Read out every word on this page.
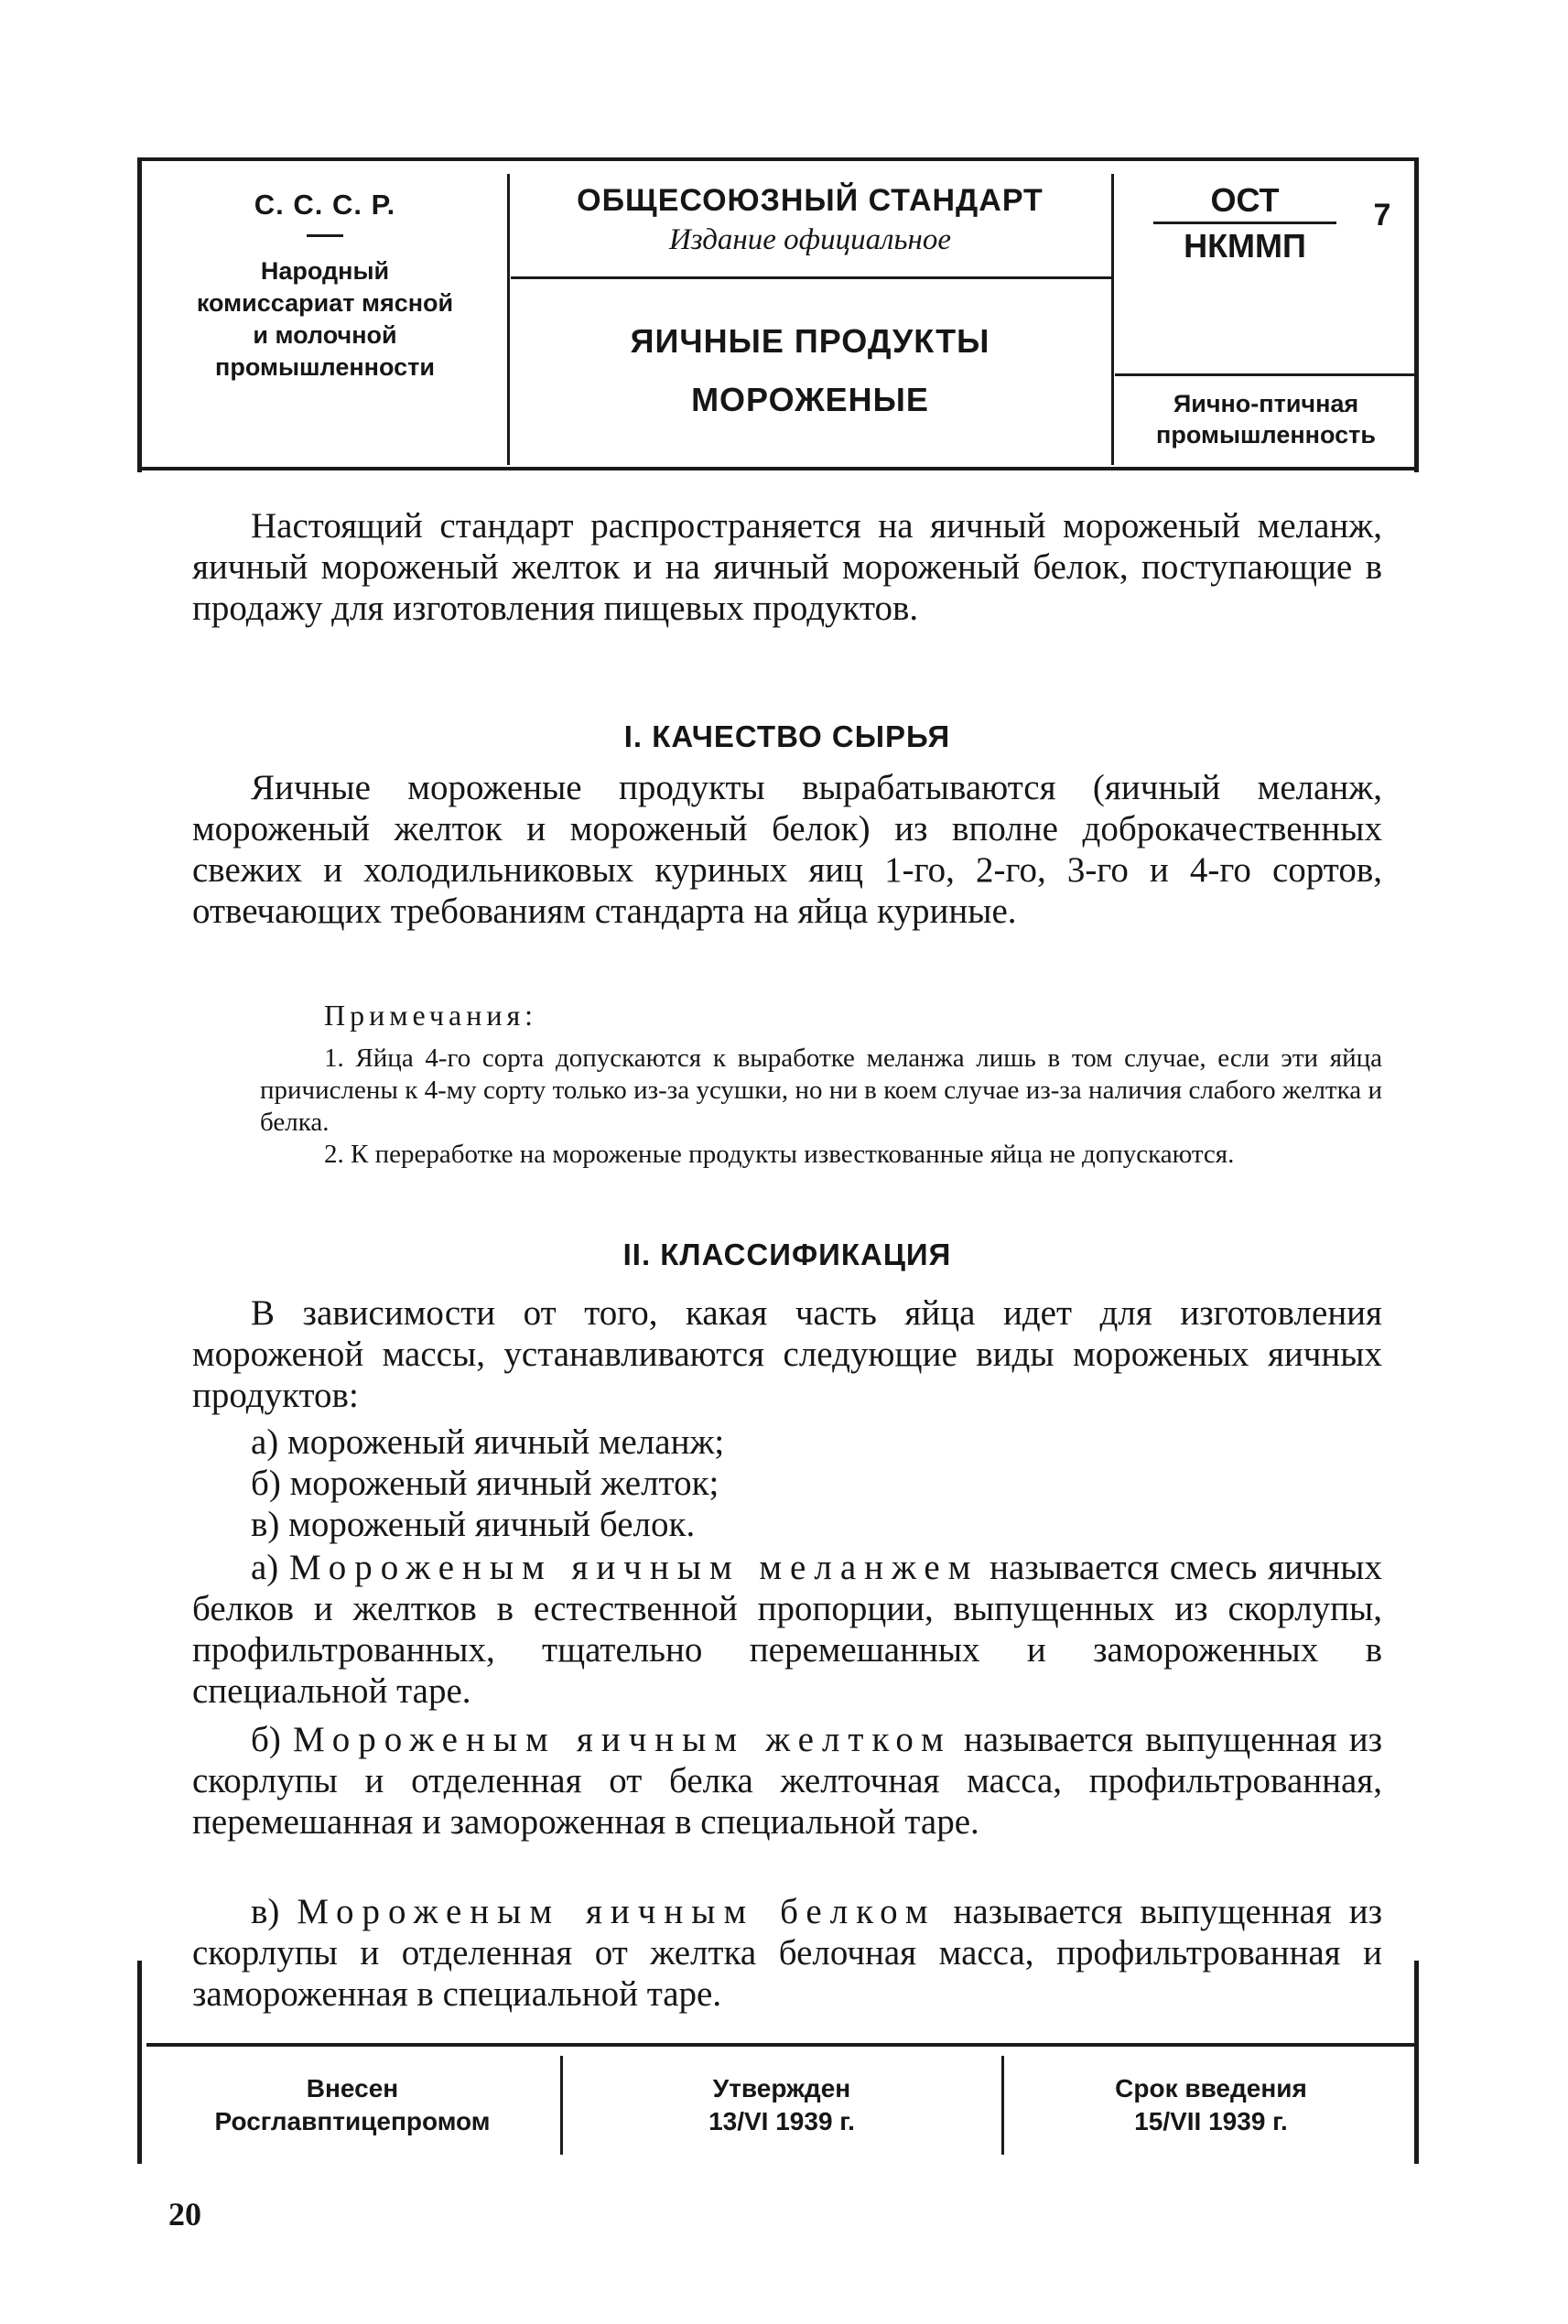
С. С. С. Р.
Народный
комиссариат мясной
и молочной
промышленности
ОБЩЕСОЮЗНЫЙ СТАНДАРТ
Издание официальное
ЯИЧНЫЕ ПРОДУКТЫ
МОРОЖЕНЫЕ
ОСТ
НКММП
7
Яично-птичная
промышленность

Настоящий стандарт распространяется на яичный мороженый меланж, яичный мороженый желток и на яичный мороженый белок, поступающие в продажу для изготовления пищевых продуктов.

I. КАЧЕСТВО СЫРЬЯ

Яичные мороженые продукты вырабатываются (яичный меланж, мороженый желток и мороженый белок) из вполне доброкачественных свежих и холодильниковых куриных яиц 1-го, 2-го, 3-го и 4-го сортов, отвечающих требованиям стандарта на яйца куриные.

Примечания:

1. Яйца 4-го сорта допускаются к выработке меланжа лишь в том случае, если эти яйца причислены к 4-му сорту только из-за усушки, но ни в коем случае из-за наличия слабого желтка и белка.

2. К переработке на мороженые продукты известкованные яйца не допускаются.

II. КЛАССИФИКАЦИЯ

В зависимости от того, какая часть яйца идет для изготовления мороженой массы, устанавливаются следующие виды мороженых яичных продуктов:

а) мороженый яичный меланж;
б) мороженый яичный желток;
в) мороженый яичный белок.

а) Мороженым яичным меланжем называется смесь яичных белков и желтков в естественной пропорции, выпущенных из скорлупы, профильтрованных, тщательно перемешанных и замороженных в специальной таре.

б) Мороженым яичным желтком называется выпущенная из скорлупы и отделенная от белка желточная масса, профильтрованная, перемешанная и замороженная в специальной таре.

в) Мороженым яичным белком называется выпущенная из скорлупы и отделенная от желтка белочная масса, профильтрованная и замороженная в специальной таре.

Внесен
Росглавптицепромом
Утвержден
13/VI 1939 г.
Срок введения
15/VII 1939 г.
20
